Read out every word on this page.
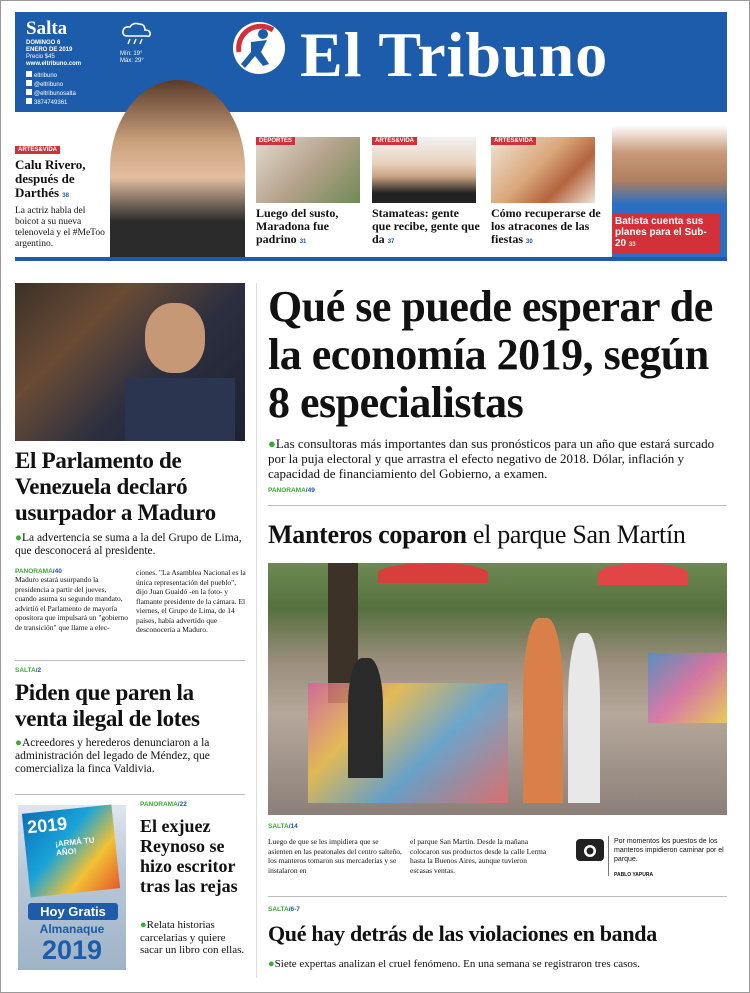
Salta
DOMINGO 6
ENERO DE 2019
Precio $45
www.eltribuno.com
eltribuno
@eltribuno
@eltribunosalta
3874749361
Mín: 19°
Máx: 29° El Tribuno
ARTES&VIDA
Calu Rivero, después de Darthés 38
La actriz habla del boicot a su nueva telenovela y el #MeToo argentino.
DEPORTES
Luego del susto, Maradona fue padrino 31
ARTES&VIDA
Stamateas: gente que recibe, gente que da 37
ARTES&VIDA
Cómo recuperarse de los atracones de las fiestas 30
Batista cuenta sus planes para el Sub-20 33
El Parlamento de Venezuela declaró usurpador a Maduro
●La advertencia se suma a la del Grupo de Lima, que desconocerá al presidente.
PANORAMA/40
Maduro estará usurpando la presidencia a partir del jueves, cuando asuma su segundo mandato, advirtió el Parlamento de mayoría opositora que impulsará un "gobierno de transición" que llame a elec-
ciones. "La Asamblea Nacional es la única representación del pueblo", dijo Juan Guaidó -en la foto- y flamante presidente de la cámara. El viernes, el Grupo de Lima, de 14 países, había advertido que desconocería a Maduro.
SALTA/2
Piden que paren la venta ilegal de lotes
●Acreedores y herederos denunciaron a la administración del legado de Méndez, que comercializa la finca Valdivia.
2019
¡ARMÁ TU AÑO!
Hoy Gratis
Almanaque
2019
PANORAMA/22
El exjuez Reynoso se hizo escritor tras las rejas
●Relata historias carcelarias y quiere sacar un libro con ellas.
Qué se puede esperar de la economía 2019, según 8 especialistas
●Las consultoras más importantes dan sus pronósticos para un año que estará surcado por la puja electoral y que arrastra el efecto negativo de 2018. Dólar, inflación y capacidad de financiamiento del Gobierno, a examen.
PANORAMA/49
Manteros coparon el parque San Martín
SALTA/14
Luego de que se les impidiera que se asienten en las peatonales del centro salteño, los manteros tomaron sus mercaderías y se instalaron en
el parque San Martín. Desde la mañana colocaron sus productos desde la calle Lerma hasta la Buenos Aires, aunque tuvieron escasas ventas.
Por momentos los puestos de los manteros impidieron caminar por el parque.
PABLO YAPURA
SALTA/6-7
Qué hay detrás de las violaciones en banda
●Siete expertas analizan el cruel fenómeno. En una semana se registraron tres casos.
